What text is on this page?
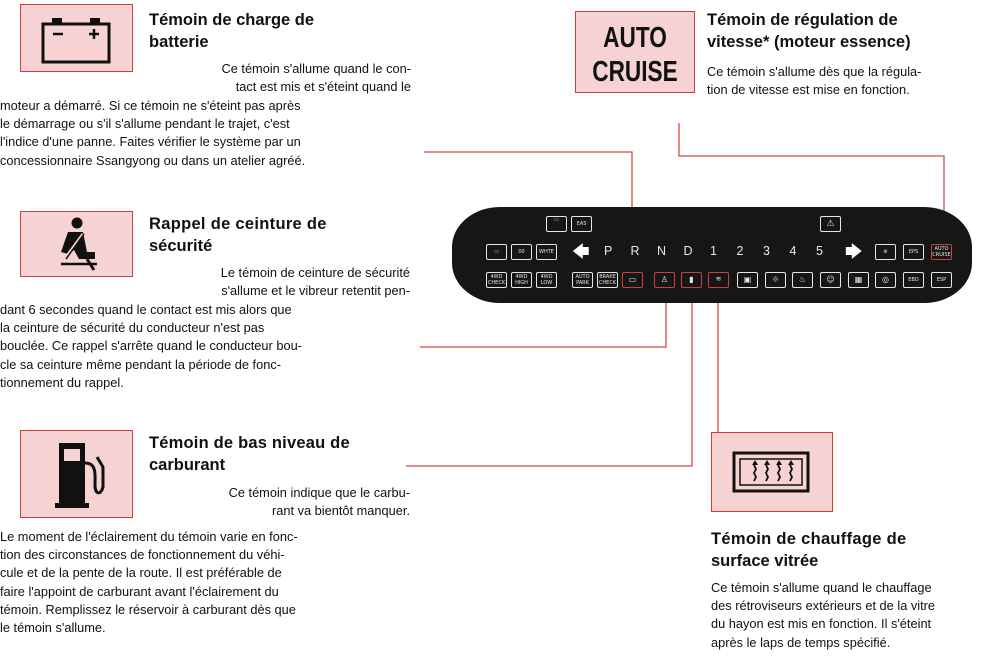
Témoin de charge de
batterie
Ce témoin s'allume quand le con-
tact est mis et s'éteint quand le
moteur a démarré. Si ce témoin ne s'éteint pas après
le démarrage ou s'il s'allume pendant le trajet, c'est
l'indice d'une panne. Faites vérifier le système par un
concessionnaire Ssangyong ou dans un atelier agréé.
Rappel de ceinture de
sécurité
Le témoin de ceinture de sécurité
s'allume et le vibreur retentit pen-
dant 6 secondes quand le contact est mis alors que
la ceinture de sécurité du conducteur n'est pas
bouclée. Ce rappel s'arrête quand le conducteur bou-
cle sa ceinture même pendant la période de fonc-
tionnement du rappel.
Témoin de bas niveau de
carburant
Ce témoin indique que le carbu-
rant va bientôt manquer.
Le moment de l'éclairement du témoin varie en fonc-
tion des circonstances de fonctionnement du véhi-
cule et de la pente de la route. Il est préférable de
faire l'appoint de carburant avant l'éclairement du
témoin. Remplissez le réservoir à carburant dès que
le témoin s'allume.
AUTO
CRUISE
Témoin de régulation de
vitesse* (moteur essence)
Ce témoin s'allume dès que la régula-
tion de vitesse est mise en fonction.
Témoin de chauffage de
surface vitrée
Ce témoin s'allume quand le chauffage
des rétroviseurs extérieurs et de la vitre
du hayon est mis en fonction. Il s'éteint
après le laps de temps spécifié.
▭
EAS	⚠
▭	00	WHTE 🡄 P R N D 1 2 3 4 5 🡆	⚙	EPS	AUTO CRUISE
4WD CHECK
4WD HIGH
4WD LOW
AUTO PARK
BRAKE CHECK	▭	♙	▮	≋	▣	☼	♨	☺	▦	◎	EBD	ESP
